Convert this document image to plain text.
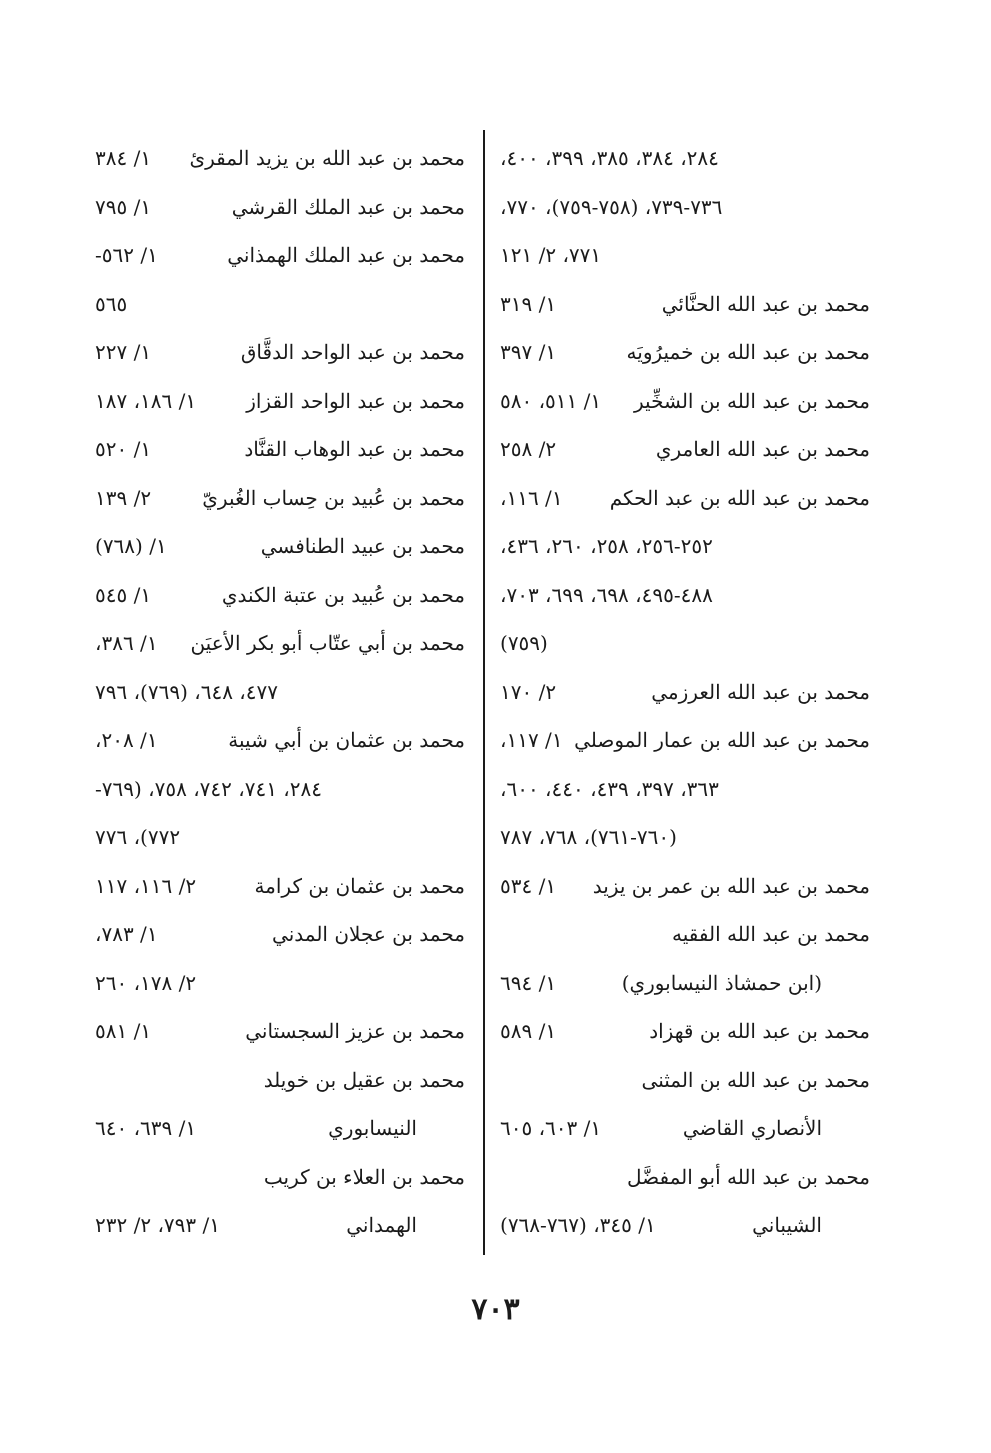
٢٨٤، ٣٨٤، ٣٨٥، ٣٩٩، ٤٠٠،
٧٣٦-٧٣٩، (٧٥٨-٧٥٩)، ٧٧٠،
٧٧١، ٢/ ١٢١
محمد بن عبد الله الحنَّائي
١/ ٣١٩
محمد بن عبد الله بن خميرُويَه
١/ ٣٩٧
محمد بن عبد الله بن الشخِّير
١/ ٥١١، ٥٨٠
محمد بن عبد الله العامري
٢/ ٢٥٨
محمد بن عبد الله بن عبد الحكم
١/ ١١٦،
٢٥٢-٢٥٦، ٢٥٨، ٢٦٠، ٤٣٦،
٤٨٨-٤٩٥، ٦٩٨، ٦٩٩، ٧٠٣،
(٧٥٩)
محمد بن عبد الله العرزمي
٢/ ١٧٠
محمد بن عبد الله بن عمار الموصلي
١/ ١١٧،
٣٦٣، ٣٩٧، ٤٣٩، ٤٤٠، ٦٠٠،
(٧٦٠-٧٦١)، ٧٦٨، ٧٨٧
محمد بن عبد الله بن عمر بن يزيد
١/ ٥٣٤
محمد بن عبد الله الفقيه
(ابن حمشاذ النيسابوري)
١/ ٦٩٤
محمد بن عبد الله بن قهزاد
١/ ٥٨٩
محمد بن عبد الله بن المثنى
الأنصاري القاضي
١/ ٦٠٣، ٦٠٥
محمد بن عبد الله أبو المفضَّل
الشيباني
١/ ٣٤٥، (٧٦٧-٧٦٨)
محمد بن عبد الله بن يزيد المقرئ
١/ ٣٨٤
محمد بن عبد الملك القرشي
١/ ٧٩٥
محمد بن عبد الملك الهمذاني
١/ ٥٦٢-
٥٦٥
محمد بن عبد الواحد الدقَّاق
١/ ٢٢٧
محمد بن عبد الواحد القزاز
١/ ١٨٦، ١٨٧
محمد بن عبد الوهاب القنَّاد
١/ ٥٢٠
محمد بن عُبيد بن حِساب الغُبريّ
٢/ ١٣٩
محمد بن عبيد الطنافسي
١/ (٧٦٨)
محمد بن عُبيد بن عتبة الكندي
١/ ٥٤٥
محمد بن أبي عتّاب أبو بكر الأعيَن
١/ ٣٨٦،
٤٧٧، ٦٤٨، (٧٦٩)، ٧٩٦
محمد بن عثمان بن أبي شيبة
١/ ٢٠٨،
٢٨٤، ٧٤١، ٧٤٢، ٧٥٨، (٧٦٩-
٧٧٢)، ٧٧٦
محمد بن عثمان بن كرامة
٢/ ١١٦، ١١٧
محمد بن عجلان المدني
١/ ٧٨٣،
٢/ ١٧٨، ٢٦٠
محمد بن عزيز السجستاني
١/ ٥٨١
محمد بن عقيل بن خويلد
النيسابوري
١/ ٦٣٩، ٦٤٠
محمد بن العلاء بن كريب
الهمداني
١/ ٧٩٣، ٢/ ٢٣٢
٧٠٣
